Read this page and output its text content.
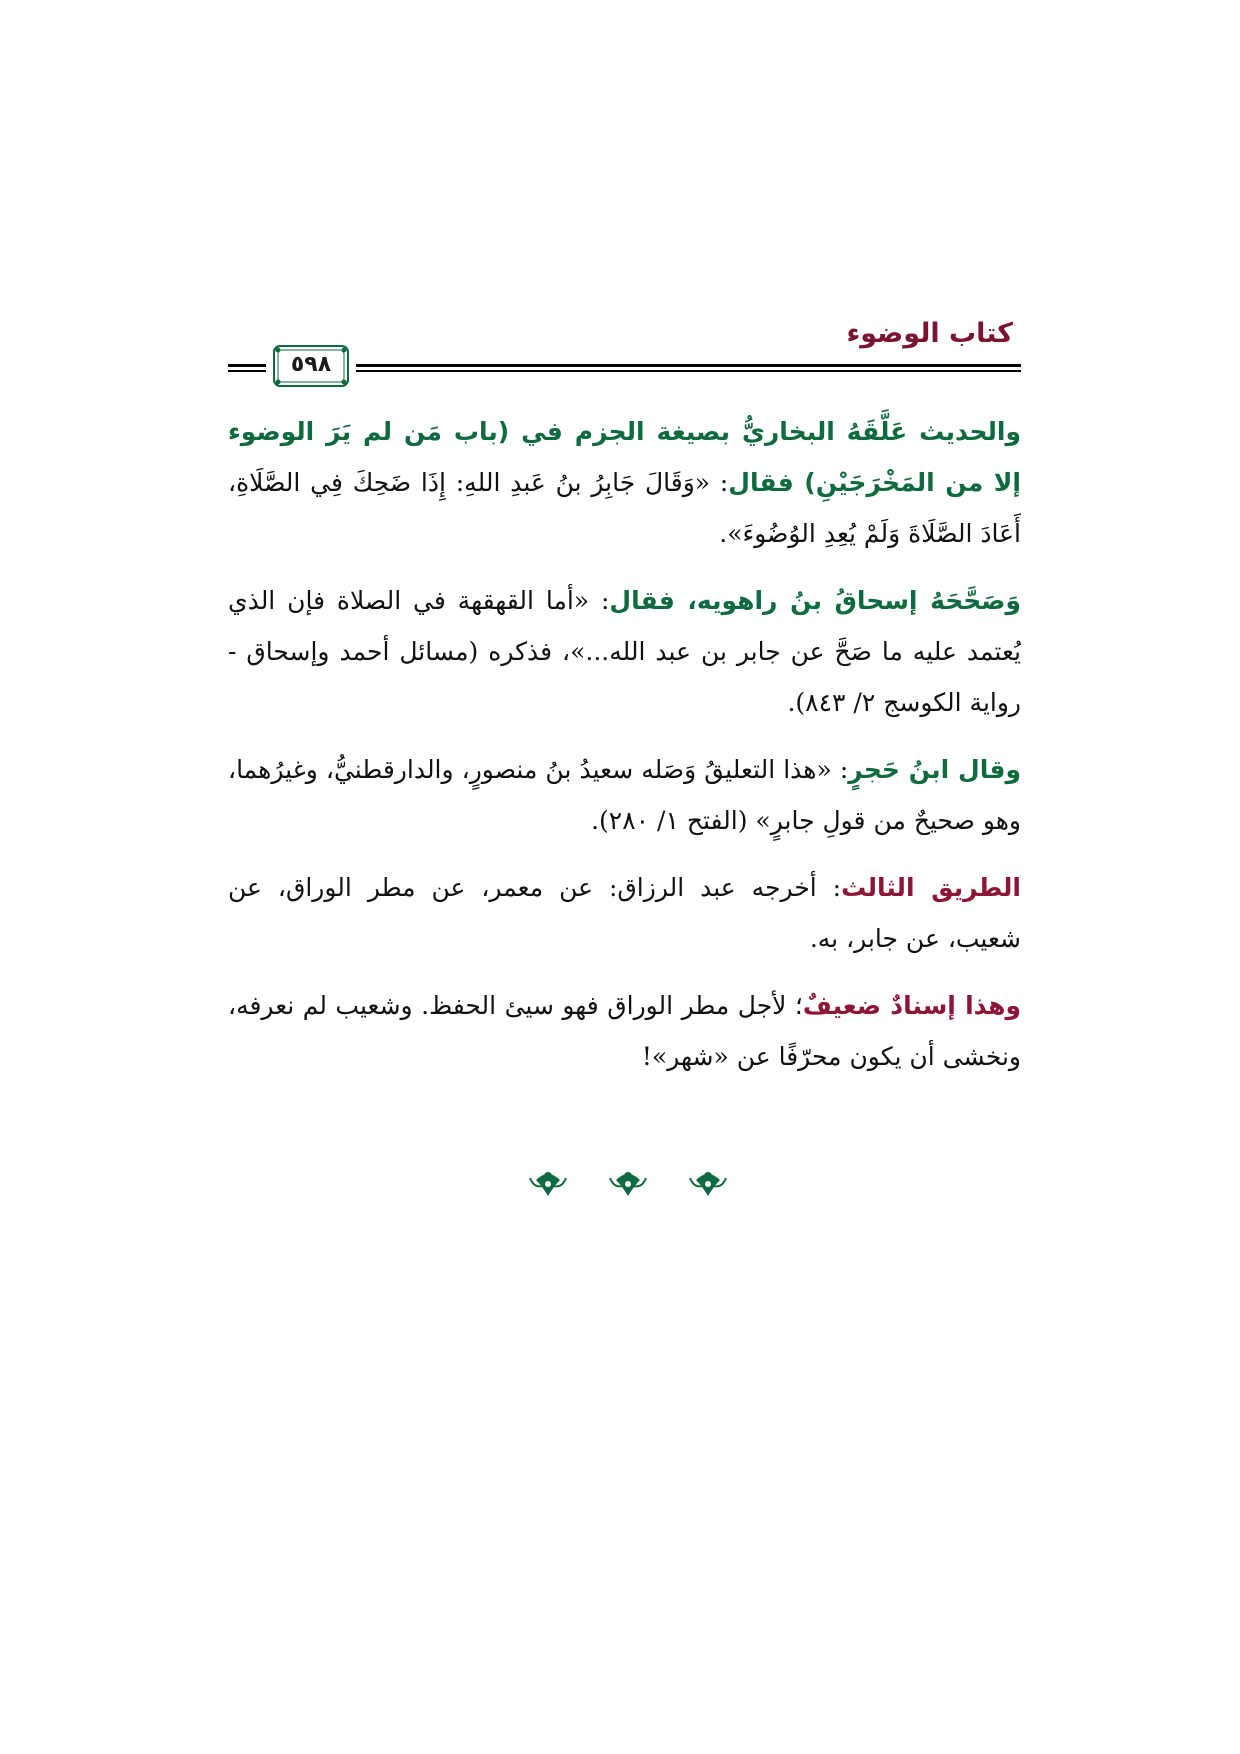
كتاب الوضوء
٥٩٨

والحديث عَلَّقَهُ البخاريُّ بصيغة الجزم في (باب مَن لم يَرَ الوضوء إلا من المَخْرَجَيْنِ) فقال: «وَقَالَ جَابِرُ بنُ عَبدِ اللهِ: إِذَا ضَحِكَ فِي الصَّلَاةِ، أَعَادَ الصَّلَاةَ وَلَمْ يُعِدِ الوُضُوءَ».

وَصَحَّحَهُ إسحاقُ بنُ راهويه، فقال: «أما القهقهة في الصلاة فإن الذي يُعتمد عليه ما صَحَّ عن جابر بن عبد الله...»، فذكره (مسائل أحمد وإسحاق - رواية الكوسج ٢/ ٨٤٣).

وقال ابنُ حَجرٍ: «هذا التعليقُ وَصَله سعيدُ بنُ منصورٍ، والدارقطنيُّ، وغيرُهما، وهو صحيحٌ من قولِ جابرٍ» (الفتح ١/ ٢٨٠).

الطريق الثالث: أخرجه عبد الرزاق: عن معمر، عن مطر الوراق، عن شعيب، عن جابر، به.

وهذا إسنادٌ ضعيفٌ؛ لأجل مطر الوراق فهو سيئ الحفظ. وشعيب لم نعرفه، ونخشى أن يكون محرّفًا عن «شهر»!
